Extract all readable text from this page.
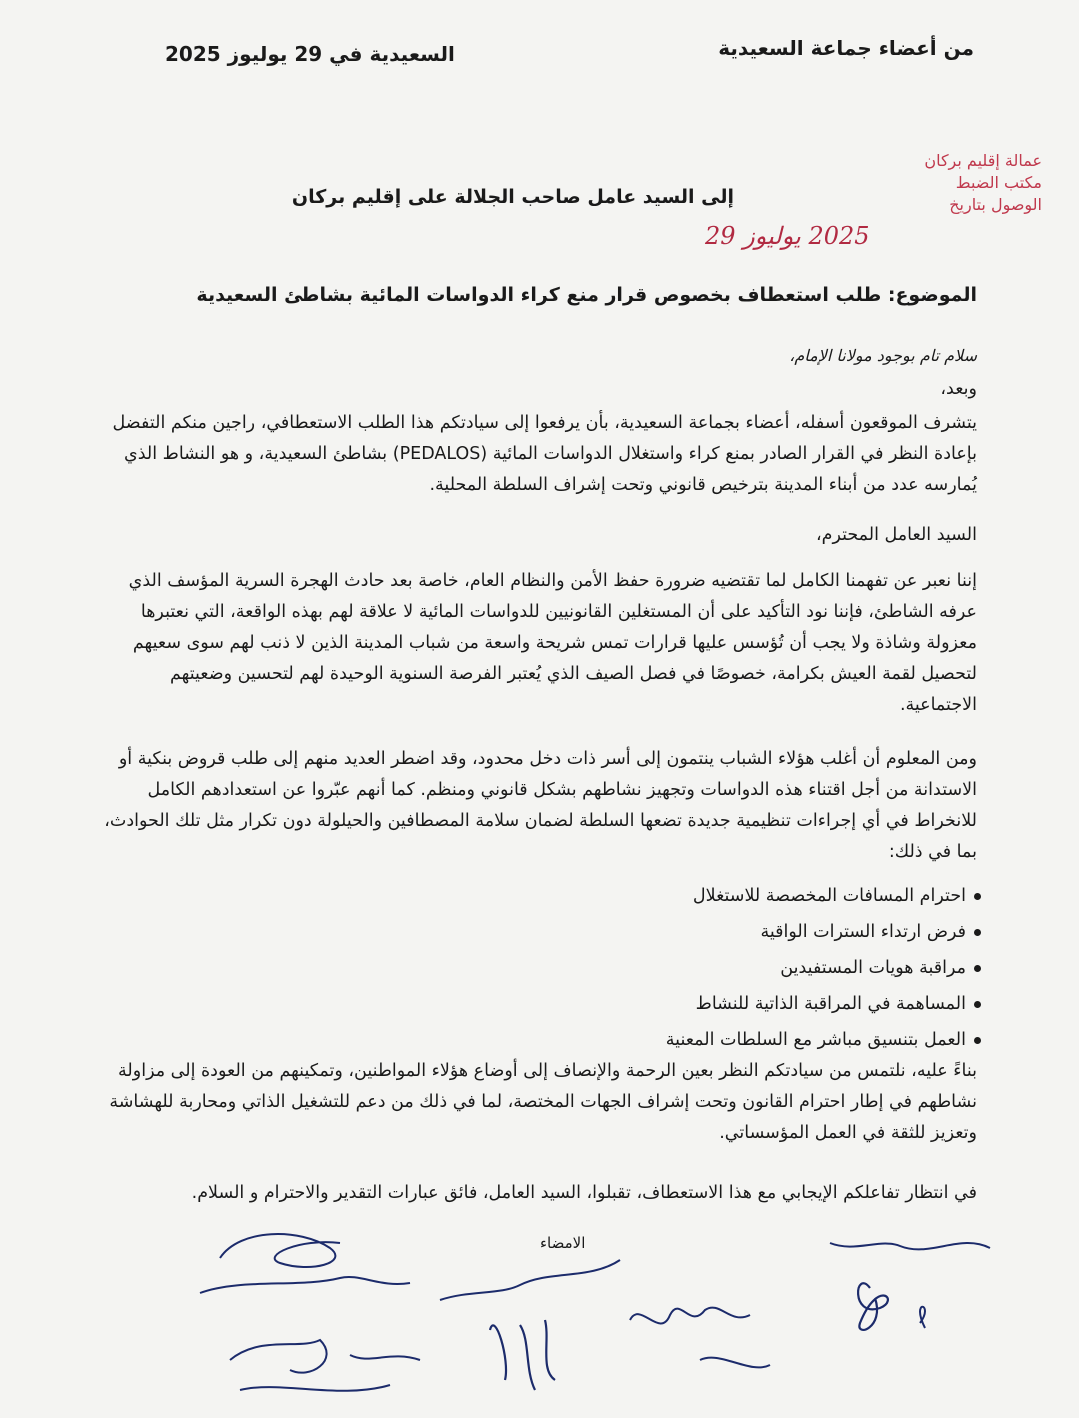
من أعضاء جماعة السعيدية
السعيدية في 29 يوليوز 2025
عمالة إقليم بركان
مكتب الضبط
الوصول بتاريخ
2025 يوليوز 29
إلى السيد عامل صاحب الجلالة على إقليم بركان
الموضوع: طلب استعطاف بخصوص قرار منع كراء الدواسات المائية بشاطئ السعيدية
سلام تام بوجود مولانا الإمام،
وبعد،
يتشرف الموقعون أسفله، أعضاء بجماعة السعيدية، بأن يرفعوا إلى سيادتكم هذا الطلب الاستعطافي، راجين منكم التفضل بإعادة النظر في القرار الصادر بمنع كراء واستغلال الدواسات المائية (PEDALOS) بشاطئ السعيدية، و هو النشاط الذي يُمارسه عدد من أبناء المدينة بترخيص قانوني وتحت إشراف السلطة المحلية.
السيد العامل المحترم،
إننا نعبر عن تفهمنا الكامل لما تقتضيه ضرورة حفظ الأمن والنظام العام، خاصة بعد حادث الهجرة السرية المؤسف الذي عرفه الشاطئ، فإننا نود التأكيد على أن المستغلين القانونيين للدواسات المائية لا علاقة لهم بهذه الواقعة، التي نعتبرها معزولة وشاذة ولا يجب أن تُؤسس عليها قرارات تمس شريحة واسعة من شباب المدينة الذين لا ذنب لهم سوى سعيهم لتحصيل لقمة العيش بكرامة، خصوصًا في فصل الصيف الذي يُعتبر الفرصة السنوية الوحيدة لهم لتحسين وضعيتهم الاجتماعية.
ومن المعلوم أن أغلب هؤلاء الشباب ينتمون إلى أسر ذات دخل محدود، وقد اضطر العديد منهم إلى طلب قروض بنكية أو الاستدانة من أجل اقتناء هذه الدواسات وتجهيز نشاطهم بشكل قانوني ومنظم. كما أنهم عبّروا عن استعدادهم الكامل للانخراط في أي إجراءات تنظيمية جديدة تضعها السلطة لضمان سلامة المصطافين والحيلولة دون تكرار مثل تلك الحوادث، بما في ذلك:
احترام المسافات المخصصة للاستغلال
فرض ارتداء السترات الواقية
مراقبة هويات المستفيدين
المساهمة في المراقبة الذاتية للنشاط
العمل بتنسيق مباشر مع السلطات المعنية
بناءً عليه، نلتمس من سيادتكم النظر بعين الرحمة والإنصاف إلى أوضاع هؤلاء المواطنين، وتمكينهم من العودة إلى مزاولة نشاطهم في إطار احترام القانون وتحت إشراف الجهات المختصة، لما في ذلك من دعم للتشغيل الذاتي ومحاربة للهشاشة وتعزيز للثقة في العمل المؤسساتي.
في انتظار تفاعلكم الإيجابي مع هذا الاستعطاف، تقبلوا، السيد العامل، فائق عبارات التقدير والاحترام و السلام.
الامضاء
